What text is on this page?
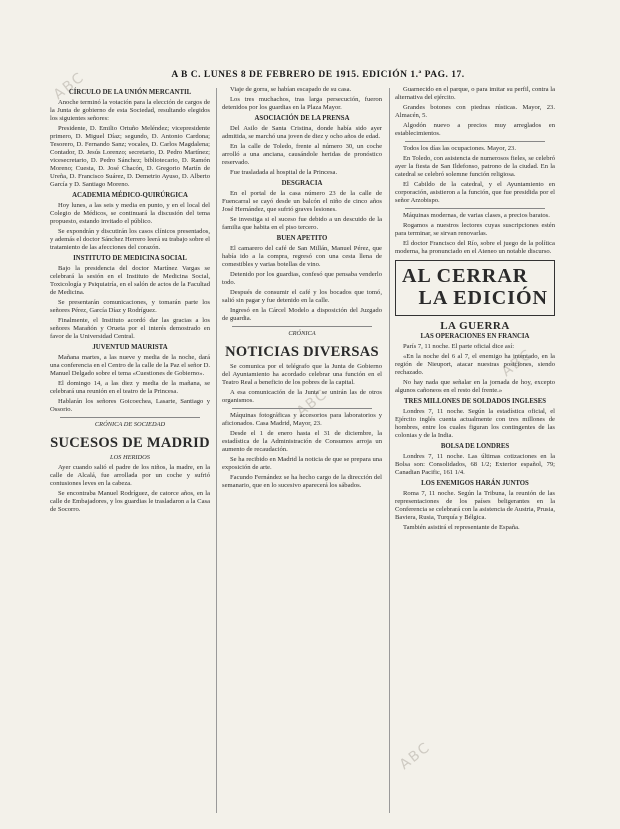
ABC
ABC
ABC
ABC
A B C. LUNES 8 DE FEBRERO DE 1915. EDICIÓN 1.ª PAG. 17.
CÍRCULO DE LA UNIÓN MERCANTIL

Anoche terminó la votación para la elección de cargos de la Junta de gobierno de esta Sociedad, resultando elegidos los siguientes señores:

Presidente, D. Emilio Ortuño Meléndez; vicepresidente primero, D. Miguel Díaz; segundo, D. Antonio Cardona; Tesorero, D. Fernando Sanz; vocales, D. Carlos Magdalena; Contador, D. Jesús Lorenzo; secretario, D. Pedro Martínez; vicesecretario, D. Pedro Sánchez; bibliotecario, D. Ramón Moreno; Cuesta, D. José Chacón, D. Gregorio Martín de Ureña, D. Francisco Suárez, D. Demetrio Ayuso, D. Alberto García y D. Santiago Moreno.

ACADEMIA MÉDICO-QUIRÚRGICA

Hoy lunes, a las seis y media en punto, y en el local del Colegio de Médicos, se continuará la discusión del tema propuesto, estando invitado el público.

Se expondrán y discutirán los casos clínicos presentados, y además el doctor Sánchez Herrero leerá su trabajo sobre el tratamiento de las afecciones del corazón.

INSTITUTO DE MEDICINA SOCIAL

Bajo la presidencia del doctor Martínez Vargas se celebrará la sesión en el Instituto de Medicina Social, Toxicología y Psiquiatría, en el salón de actos de la Facultad de Medicina.

Se presentarán comunicaciones, y tomarán parte los señores Pérez, García Díaz y Rodríguez.

Finalmente, el Instituto acordó dar las gracias a los señores Marañón y Orueta por el interés demostrado en favor de la Universidad Central.

JUVENTUD MAURISTA

Mañana martes, a las nueve y media de la noche, dará una conferencia en el Centro de la calle de la Paz el señor D. Manuel Delgado sobre el tema «Cuestiones de Gobierno».

El domingo 14, a las diez y media de la mañana, se celebrará una reunión en el teatro de la Princesa.

Hablarán los señores Goicoechea, Lasarte, Santiago y Ossorio.

CRÓNICA DE SOCIEDAD
SUCESOS DE MADRID
LOS HERIDOS

Ayer cuando salió el padre de los niños, la madre, en la calle de Alcalá, fue arrollada por un coche y sufrió contusiones leves en la cabeza.

Se encontraba Manuel Rodríguez, de catorce años, en la calle de Embajadores, y los guardias le trasladaron a la Casa de Socorro.

Viaje de gorra, se habían escapado de su casa.

Los tres muchachos, tras larga persecución, fueron detenidos por los guardias en la Plaza Mayor.

ASOCIACIÓN DE LA PRENSA

Del Asilo de Santa Cristina, donde había sido ayer admitida, se marchó una joven de diez y ocho años de edad.

En la calle de Toledo, frente al número 30, un coche arrolló a una anciana, causándole heridas de pronóstico reservado.

Fue trasladada al hospital de la Princesa.

DESGRACIA

En el portal de la casa número 23 de la calle de Fuencarral se cayó desde un balcón el niño de cinco años José Hernández, que sufrió graves lesiones.

Se investiga si el suceso fue debido a un descuido de la familia que habita en el piso tercero.

BUEN APETITO

El camarero del café de San Millán, Manuel Pérez, que había ido a la compra, regresó con una cesta llena de comestibles y varias botellas de vino.

Detenido por los guardias, confesó que pensaba venderlo todo.

Después de consumir el café y los bocados que tomó, salió sin pagar y fue detenido en la calle.

Ingresó en la Cárcel Modelo a disposición del Juzgado de guardia.

CRÓNICA
NOTICIAS DIVERSAS

Se comunica por el telégrafo que la Junta de Gobierno del Ayuntamiento ha acordado celebrar una función en el Teatro Real a beneficio de los pobres de la capital.

A esa comunicación de la Junta se unirán las de otros organismos.

Máquinas fotográficas y accesorios para laboratorios y aficionados. Casa Madrid, Mayor, 23.

Desde el 1 de enero hasta el 31 de diciembre, la estadística de la Administración de Consumos arroja un aumento de recaudación.

Se ha recibido en Madrid la noticia de que se prepara una exposición de arte.

Facundo Fernández se ha hecho cargo de la dirección del semanario, que en lo sucesivo aparecerá los sábados.

Guarnecido en el parque, o para imitar su perfil, contra la alternativa del ejército.

Grandes botones con piedras rústicas. Mayor, 23. Almacén, 5.

Algodón nuevo a precios muy arreglados en establecimientos.

Todos los días las ocupaciones. Mayor, 23.

En Toledo, con asistencia de numerosos fieles, se celebró ayer la fiesta de San Ildefonso, patrono de la ciudad. En la catedral se celebró solemne función religiosa.

El Cabildo de la catedral, y el Ayuntamiento en corporación, asistieron a la función, que fue presidida por el señor Arzobispo.

Máquinas modernas, de varias clases, a precios baratos.

Rogamos a nuestros lectores cuyas suscripciones estén para terminar, se sirvan renovarlas.

El doctor Francisco del Río, sobre el juego de la política moderna, ha pronunciado en el Ateneo un notable discurso.

AL CERRAR
LA EDICIÓN
LA GUERRA
LAS OPERACIONES EN FRANCIA

París 7, 11 noche. El parte oficial dice así:

«En la noche del 6 al 7, el enemigo ha intentado, en la región de Nieuport, atacar nuestras posiciones, siendo rechazado.

No hay nada que señalar en la jornada de hoy, excepto algunos cañoneos en el resto del frente.»

TRES MILLONES DE SOLDADOS INGLESES

Londres 7, 11 noche. Según la estadística oficial, el Ejército inglés cuenta actualmente con tres millones de hombres, entre los cuales figuran los contingentes de las colonias y de la India.

BOLSA DE LONDRES

Londres 7, 11 noche. Las últimas cotizaciones en la Bolsa son: Consolidados, 68 1/2; Exterior español, 79; Canadian Pacific, 161 1/4.

LOS ENEMIGOS HARÁN JUNTOS

Roma 7, 11 noche. Según la Tribuna, la reunión de las representaciones de los países beligerantes en la Conferencia se celebrará con la asistencia de Austria, Prusia, Baviera, Rusia, Turquía y Bélgica.

También asistirá el representante de España.
